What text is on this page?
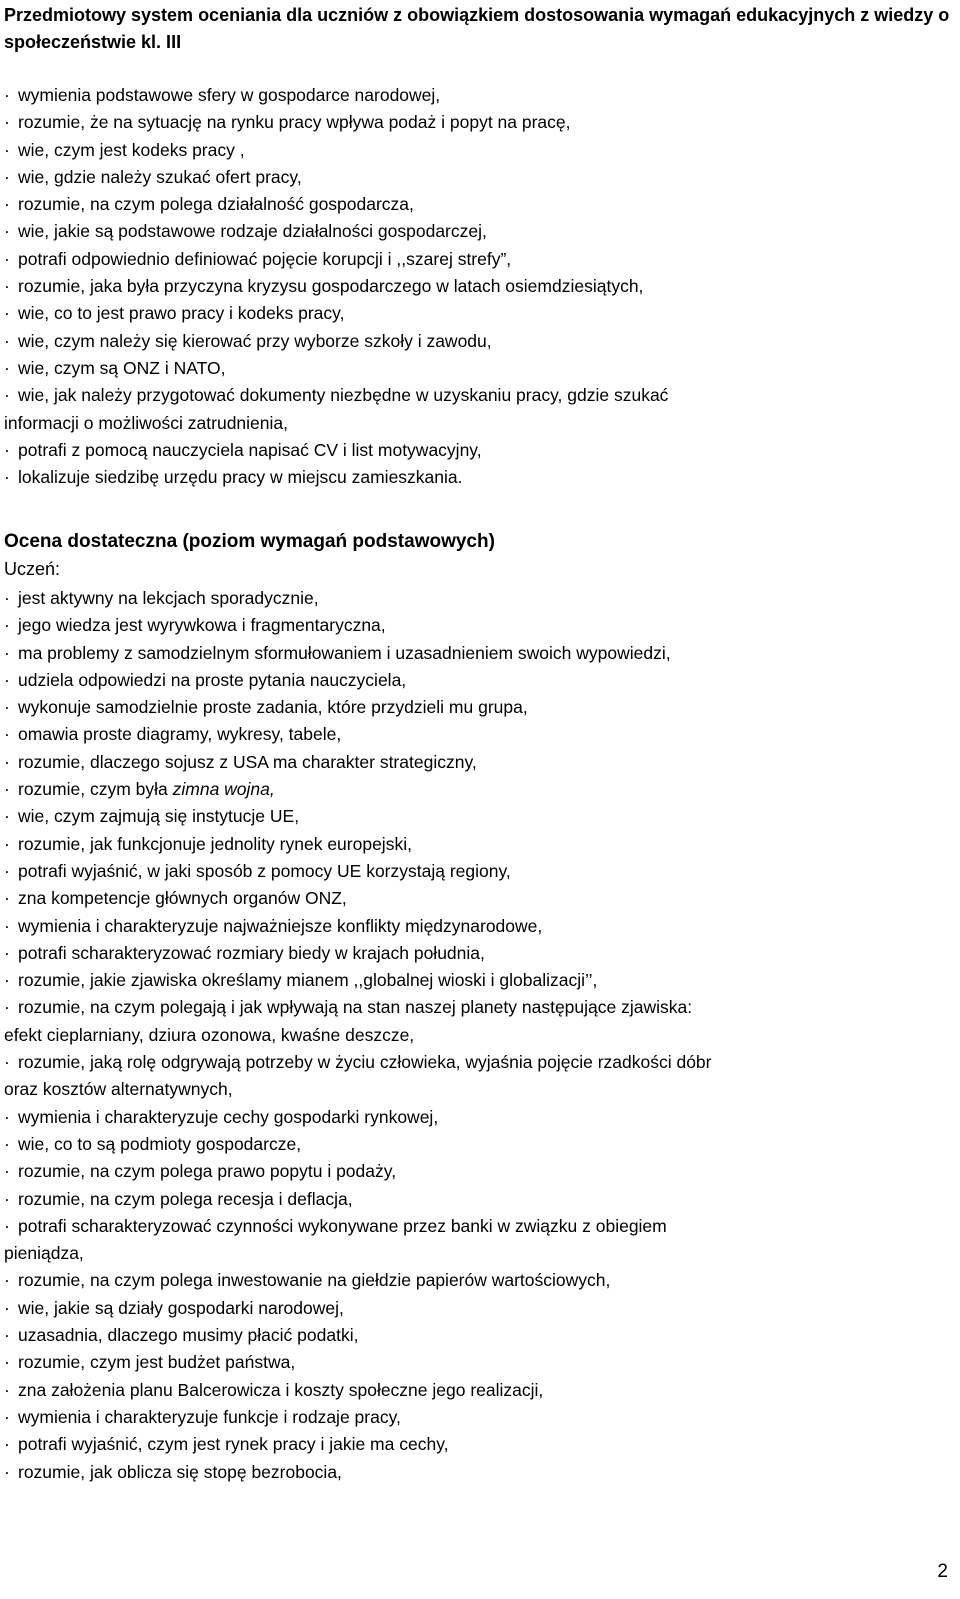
Przedmiotowy system oceniania dla uczniów z obowiązkiem dostosowania wymagań edukacyjnych z wiedzy o społeczeństwie kl. III
· wymienia podstawowe sfery w gospodarce narodowej,
· rozumie, że na sytuację na rynku pracy wpływa podaż i popyt na pracę,
· wie, czym jest kodeks pracy ,
· wie, gdzie należy szukać ofert pracy,
· rozumie, na czym polega działalność gospodarcza,
· wie, jakie są podstawowe rodzaje działalności gospodarczej,
· potrafi odpowiednio definiować pojęcie korupcji i ,,szarej strefy”,
· rozumie, jaka była przyczyna kryzysu gospodarczego w latach osiemdziesiątych,
· wie, co to jest prawo pracy i kodeks pracy,
· wie, czym należy się kierować przy wyborze szkoły i zawodu,
· wie, czym są ONZ i NATO,
· wie, jak należy przygotować dokumenty niezbędne w uzyskaniu pracy, gdzie szukać
informacji o możliwości zatrudnienia,
· potrafi z pomocą nauczyciela napisać CV i list motywacyjny,
· lokalizuje siedzibę urzędu pracy w miejscu zamieszkania.
Ocena dostateczna (poziom wymagań podstawowych)

Uczeń:

· jest aktywny na lekcjach sporadycznie,
· jego wiedza jest wyrywkowa i fragmentaryczna,
· ma problemy z samodzielnym sformułowaniem i uzasadnieniem swoich wypowiedzi,
· udziela odpowiedzi na proste pytania nauczyciela,
· wykonuje samodzielnie proste zadania, które przydzieli mu grupa,
· omawia proste diagramy, wykresy, tabele,
· rozumie, dlaczego sojusz z USA ma charakter strategiczny,
· rozumie, czym była zimna wojna,
· wie, czym zajmują się instytucje UE,
· rozumie, jak funkcjonuje jednolity rynek europejski,
· potrafi wyjaśnić, w jaki sposób z pomocy UE korzystają regiony,
· zna kompetencje głównych organów ONZ,
· wymienia i charakteryzuje najważniejsze konflikty międzynarodowe,
· potrafi scharakteryzować rozmiary biedy w krajach południa,
· rozumie, jakie zjawiska określamy mianem ,,globalnej wioski i globalizacji’’,
· rozumie, na czym polegają i jak wpływają na stan naszej planety następujące zjawiska:
efekt cieplarniany, dziura ozonowa, kwaśne deszcze,
· rozumie, jaką rolę odgrywają potrzeby w życiu człowieka, wyjaśnia pojęcie rzadkości dóbr
oraz kosztów alternatywnych,
· wymienia i charakteryzuje cechy gospodarki rynkowej,
· wie, co to są podmioty gospodarcze,
· rozumie, na czym polega prawo popytu i podaży,
· rozumie, na czym polega recesja i deflacja,
· potrafi scharakteryzować czynności wykonywane przez banki w związku z obiegiem
pieniądza,
· rozumie, na czym polega inwestowanie na giełdzie papierów wartościowych,
· wie, jakie są działy gospodarki narodowej,
· uzasadnia, dlaczego musimy płacić podatki,
· rozumie, czym jest budżet państwa,
· zna założenia planu Balcerowicza i koszty społeczne jego realizacji,
· wymienia i charakteryzuje funkcje i rodzaje pracy,
· potrafi wyjaśnić, czym jest rynek pracy i jakie ma cechy,
· rozumie, jak oblicza się stopę bezrobocia,
2
